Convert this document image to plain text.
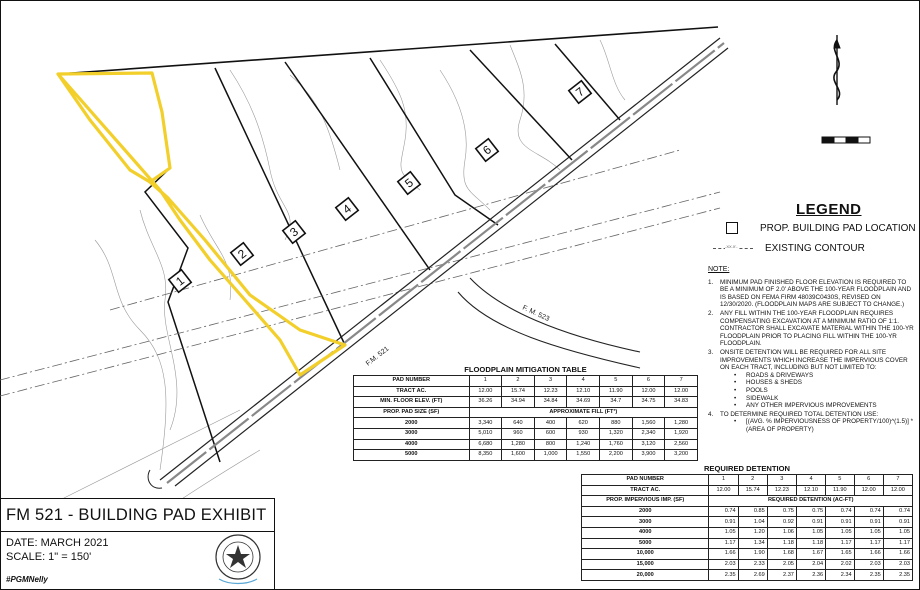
F.M. 521
F. M. 523
1
2
3
4
5
6
7
LEGEND
PROP. BUILDING PAD LOCATION
-XX.X'-	EXISTING CONTOUR
NOTE:
1.	MINIMUM PAD FINISHED FLOOR ELEVATION IS REQUIRED TO BE A MINIMUM OF 2.0' ABOVE THE 100-YEAR FLOODPLAIN AND IS BASED ON FEMA FIRM 48039C0430S, REVISED ON 12/30/2020. (FLOODPLAIN MAPS ARE SUBJECT TO CHANGE.)
2.	ANY FILL WITHIN THE 100-YEAR FLOODPLAIN REQUIRES COMPENSATING EXCAVATION AT A MINIMUM RATIO OF 1:1. CONTRACTOR SHALL EXCAVATE MATERIAL WITHIN THE 100-YR FLOODPLAIN PRIOR TO PLACING FILL WITHIN THE 100-YR FLOODPLAIN.
3.	ONSITE DETENTION WILL BE REQUIRED FOR ALL SITE IMPROVEMENTS WHICH INCREASE THE IMPERVIOUS COVER ON EACH TRACT, INCLUDING BUT NOT LIMITED TO:
• ROADS & DRIVEWAYS
• HOUSES & SHEDS
• POOLS
• SIDEWALK
• ANY OTHER IMPERVIOUS IMPROVEMENTS
4.	TO DETERMINE REQUIRED TOTAL DETENTION USE:
• [(AVG. % IMPERVIOUSNESS OF PROPERTY/100)^(1.5)] * (AREA OF PROPERTY)
FLOODPLAIN MITIGATION TABLE
PAD NUMBER	1	2	3	4	5	6	7
TRACT AC.	12.00	15.74	12.23	12.10	11.90	12.00	12.00
MIN. FLOOR ELEV. (FT)	36.26	34.94	34.84	34.69	34.7	34.75	34.83
PROP. PAD SIZE (SF)	APPROXIMATE FILL (FT³)						
2000	3,340	640	400	620	880	1,560	1,280
3000	5,010	960	600	930	1,320	2,340	1,920
4000	6,680	1,280	800	1,240	1,760	3,120	2,560
5000	8,350	1,600	1,000	1,550	2,200	3,900	3,200
REQUIRED DETENTION
PAD NUMBER	1	2	3	4	5	6	7
TRACT AC.	12.00	15.74	12.23	12.10	11.90	12.00	12.00
PROP. IMPERVIOUS IMP. (SF)	REQUIRED DETENTION (AC-FT)						
2000	0.74	0.85	0.75	0.75	0.74	0.74	0.74
3000	0.91	1.04	0.92	0.91	0.91	0.91	0.91
4000	1.05	1.20	1.06	1.05	1.05	1.05	1.05
5000	1.17	1.34	1.18	1.18	1.17	1.17	1.17
10,000	1.66	1.90	1.68	1.67	1.65	1.66	1.66
15,000	2.03	2.33	2.05	2.04	2.02	2.03	2.03
20,000	2.35	2.69	2.37	2.36	2.34	2.35	2.35
FM 521 - BUILDING PAD EXHIBIT
DATE: MARCH 2021
SCALE: 1" = 150'
#PGMNelly
